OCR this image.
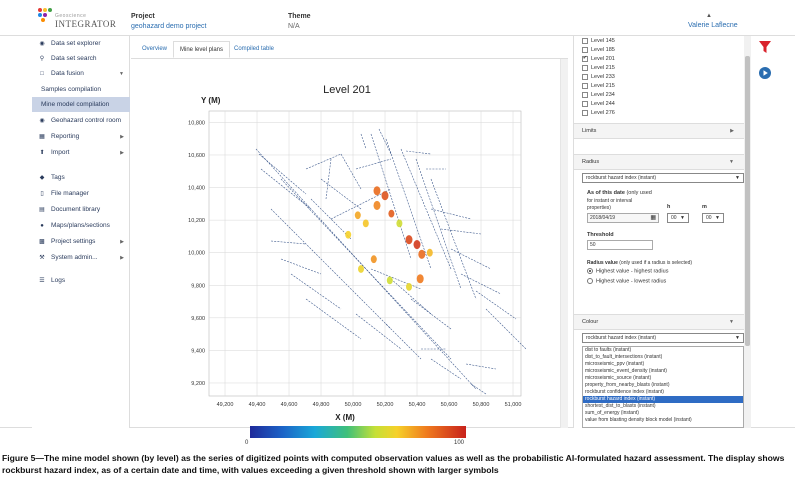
Geoscience
INTEGRATOR
Project
geohazard demo project
Theme
N/A
▲
Valerie Laflecne
◉ Data set explorer
⚲ Data set search
□	Data fusion	▼
Samples compilation
Mine model compilation
◉ Geohazard control room
▦ Reporting	▶
⬆ Import	▶
◆ Tags
▯	File manager
▤ Document library
●	Maps/plans/sections
▩ Project settings	▶
⚒ System admin...	▶
☰ Logs
Overview	Mine level plans	Compiled table
49,200	49,400	49,600	49,800	50,000	50,200	50,400	50,600	50,800	51,000
9,200
9,400
9,600
9,800
10,000
10,200
10,400
10,600
10,800
Level 201
Y (M)
X (M)
Level 145
Level 185
✔ Level 201
Level 215
Level 233
Level 215
Level 234
Level 244
Level 276
Limits	▶
Radius	▼
rockburst hazard index (instant)	▼
As of this date (only used
for instant or interval
properties)	h	m
2018/04/19	▦	00 ▼	00 ▼
Threshold
50
Radius value (only used if a radius is selected)
Highest value - highest radius
Highest value - lowest radius
Colour	▼
rockburst hazard index (instant)	▼
dist to faults (instant)
dist_to_fault_intersections (instant)
microseismic_ppv (instant)
microseismic_event_density (instant)
microseismic_source (instant)
property_from_nearby_blasts (instant)
rockburst confidence index (instant)
rockburst hazard index (instant)
shortest_dist_to_blasts (instant)
sum_of_energy (instant)
value from blasting density block model (instant)
0	100
Figure 5—The mine model shown (by level) as the series of digitized points with computed observation values as well as the probabilistic AI-formulated hazard assessment. The display shows rockburst hazard index, as of a certain date and time, with values exceeding a given threshold shown with larger symbols
